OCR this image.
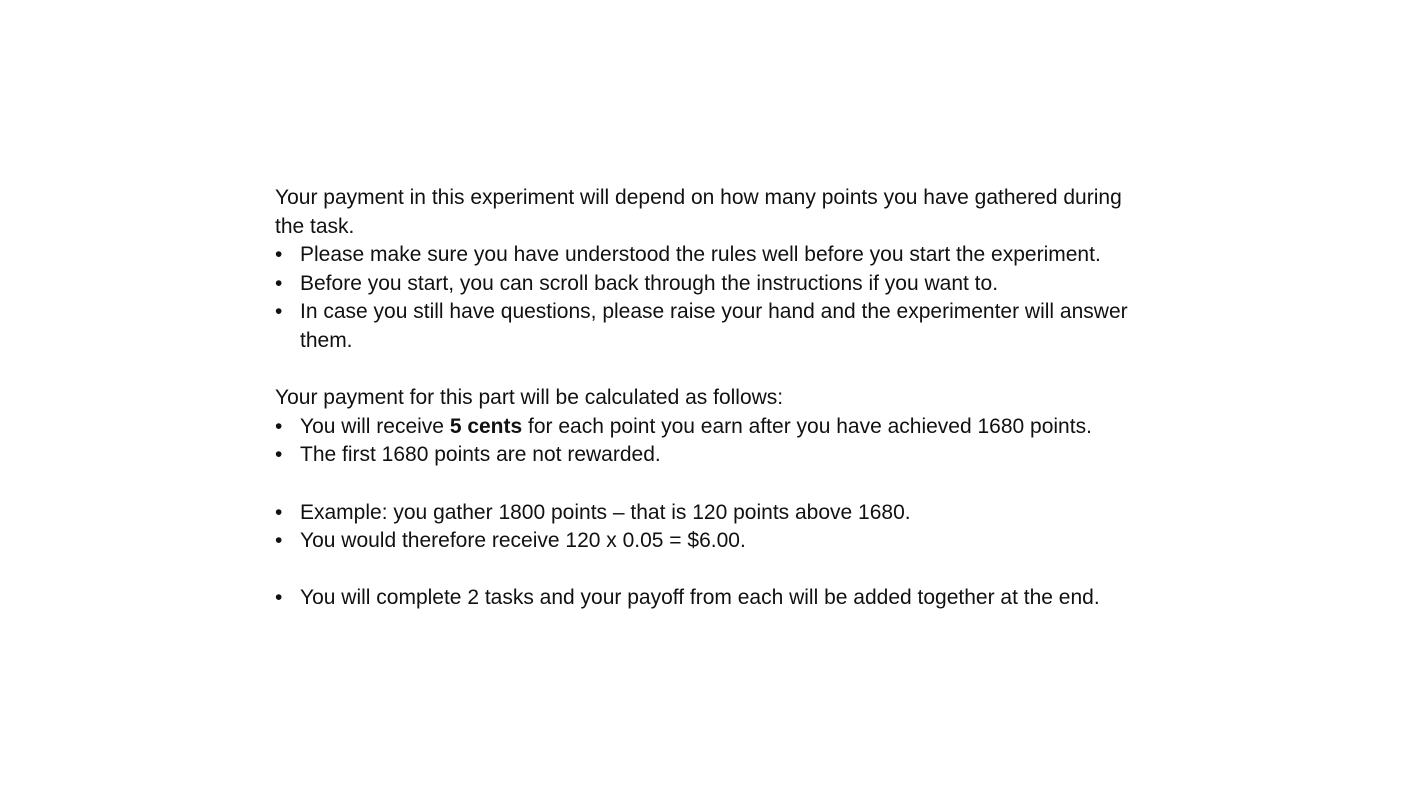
Your payment in this experiment will depend on how many points you have gathered during the task.

• Please make sure you have understood the rules well before you start the experiment.
• Before you start, you can scroll back through the instructions if you want to.
• In case you still have questions, please raise your hand and the experimenter will answer them.

Your payment for this part will be calculated as follows:

• You will receive 5 cents for each point you earn after you have achieved 1680 points.
• The first 1680 points are not rewarded.
• Example: you gather 1800 points – that is 120 points above 1680.
• You would therefore receive 120 x 0.05 = $6.00.
• You will complete 2 tasks and your payoff from each will be added together at the end.
